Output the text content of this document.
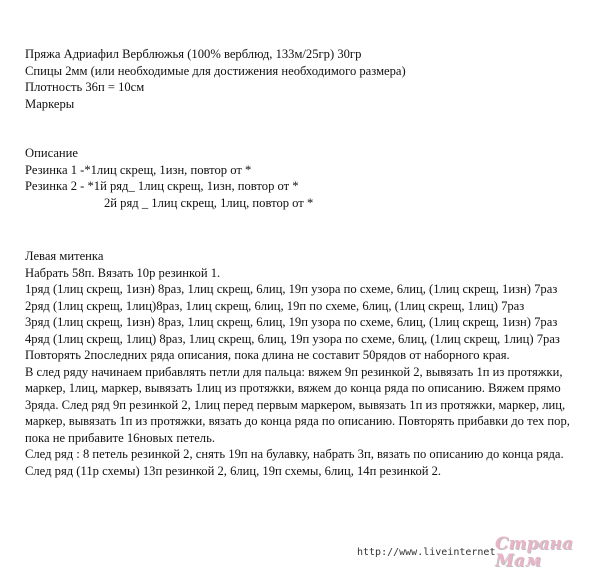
Пряжа Адриафил Верблюжья (100% верблюд, 133м/25гр) 30гр
Спицы 2мм (или необходимые для достижения необходимого размера)
Плотность 36п = 10см
Маркеры
Описание
Резинка 1 -*1лиц скрещ, 1изн, повтор от *
Резинка 2 - *1й ряд_ 1лиц скрещ, 1изн, повтор от *
2й ряд _ 1лиц скрещ, 1лиц, повтор от *
Левая митенка
Набрать 58п. Вязать 10р резинкой 1.
1ряд (1лиц скрещ, 1изн) 8раз, 1лиц скрещ, 6лиц, 19п узора по схеме, 6лиц, (1лиц скрещ, 1изн) 7раз
2ряд (1лиц скрещ, 1лиц)8раз, 1лиц скрещ, 6лиц, 19п по схеме, 6лиц, (1лиц скрещ, 1лиц) 7раз
3ряд (1лиц скрещ, 1изн) 8раз, 1лиц скрещ, 6лиц, 19п узора по схеме, 6лиц, (1лиц скрещ, 1изн) 7раз
4ряд (1лиц скрещ, 1лиц) 8раз, 1лиц скрещ, 6лиц, 19п узора по схеме, 6лиц, (1лиц скрещ, 1лиц) 7раз
Повторять 2последних ряда описания, пока длина не составит 50рядов от наборного края.
В след ряду начинаем прибавлять петли для пальца: вяжем 9п резинкой 2, вывязать 1п из протяжки, маркер, 1лиц, маркер, вывязать 1лиц из протяжки, вяжем до конца ряда по описанию. Вяжем прямо 3ряда. След ряд 9п резинкой 2, 1лиц перед первым маркером, вывязать 1п из протяжки, маркер, лиц, маркер, вывязать 1п из протяжки, вязать до конца ряда по описанию. Повторять прибавки до тех пор, пока не прибавите 16новых петель.
След ряд : 8 петель резинкой 2, снять 19п на булавку, набрать 3п, вязать по описанию до конца ряда.
След ряд (11р схемы) 13п резинкой 2, 6лиц, 19п схемы, 6лиц, 14п резинкой 2.
http://www.liveinternet.
Страна Мам
